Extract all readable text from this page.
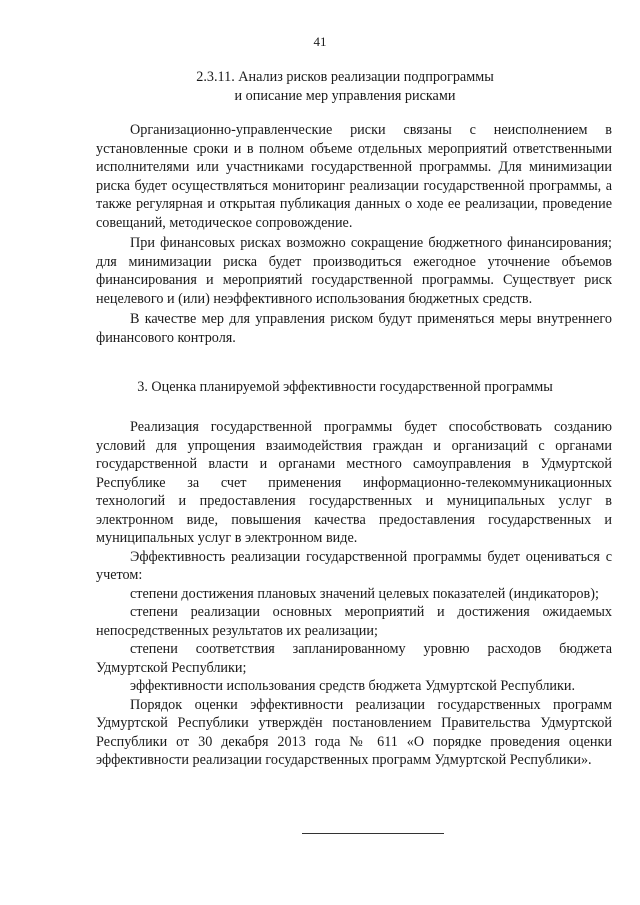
41
2.3.11. Анализ рисков реализации подпрограммы
и описание мер управления рисками

Организационно-управленческие риски связаны с неисполнением в установленные сроки и в полном объеме отдельных мероприятий ответственными исполнителями или участниками государственной программы. Для минимизации риска будет осуществляться мониторинг реализации государственной программы, а также регулярная и открытая публикация данных о ходе ее реализации, проведение совещаний, методическое сопровождение.

При финансовых рисках возможно сокращение бюджетного финансирования; для минимизации риска будет производиться ежегодное уточнение объемов финансирования и мероприятий государственной программы. Существует риск нецелевого и (или) неэффективного использования бюджетных средств.

В качестве мер для управления риском будут применяться меры внутреннего финансового контроля.

3. Оценка планируемой эффективности государственной программы

Реализация государственной программы будет способствовать созданию условий для упрощения взаимодействия граждан и организаций с органами государственной власти и органами местного самоуправления в Удмуртской Республике за счет применения информационно-телекоммуникационных технологий и предоставления государственных и муниципальных услуг в электронном виде, повышения качества предоставления государственных и муниципальных услуг в электронном виде.

Эффективность реализации государственной программы будет оцениваться с учетом:

степени достижения плановых значений целевых показателей (индикаторов);

степени реализации основных мероприятий и достижения ожидаемых непосредственных результатов их реализации;

степени соответствия запланированному уровню расходов бюджета Удмуртской Республики;

эффективности использования средств бюджета Удмуртской Республики.

Порядок оценки эффективности реализации государственных программ Удмуртской Республики утверждён постановлением Правительства Удмуртской Республики от 30 декабря 2013 года № 611 «О порядке проведения оценки эффективности реализации государственных программ Удмуртской Республики».
